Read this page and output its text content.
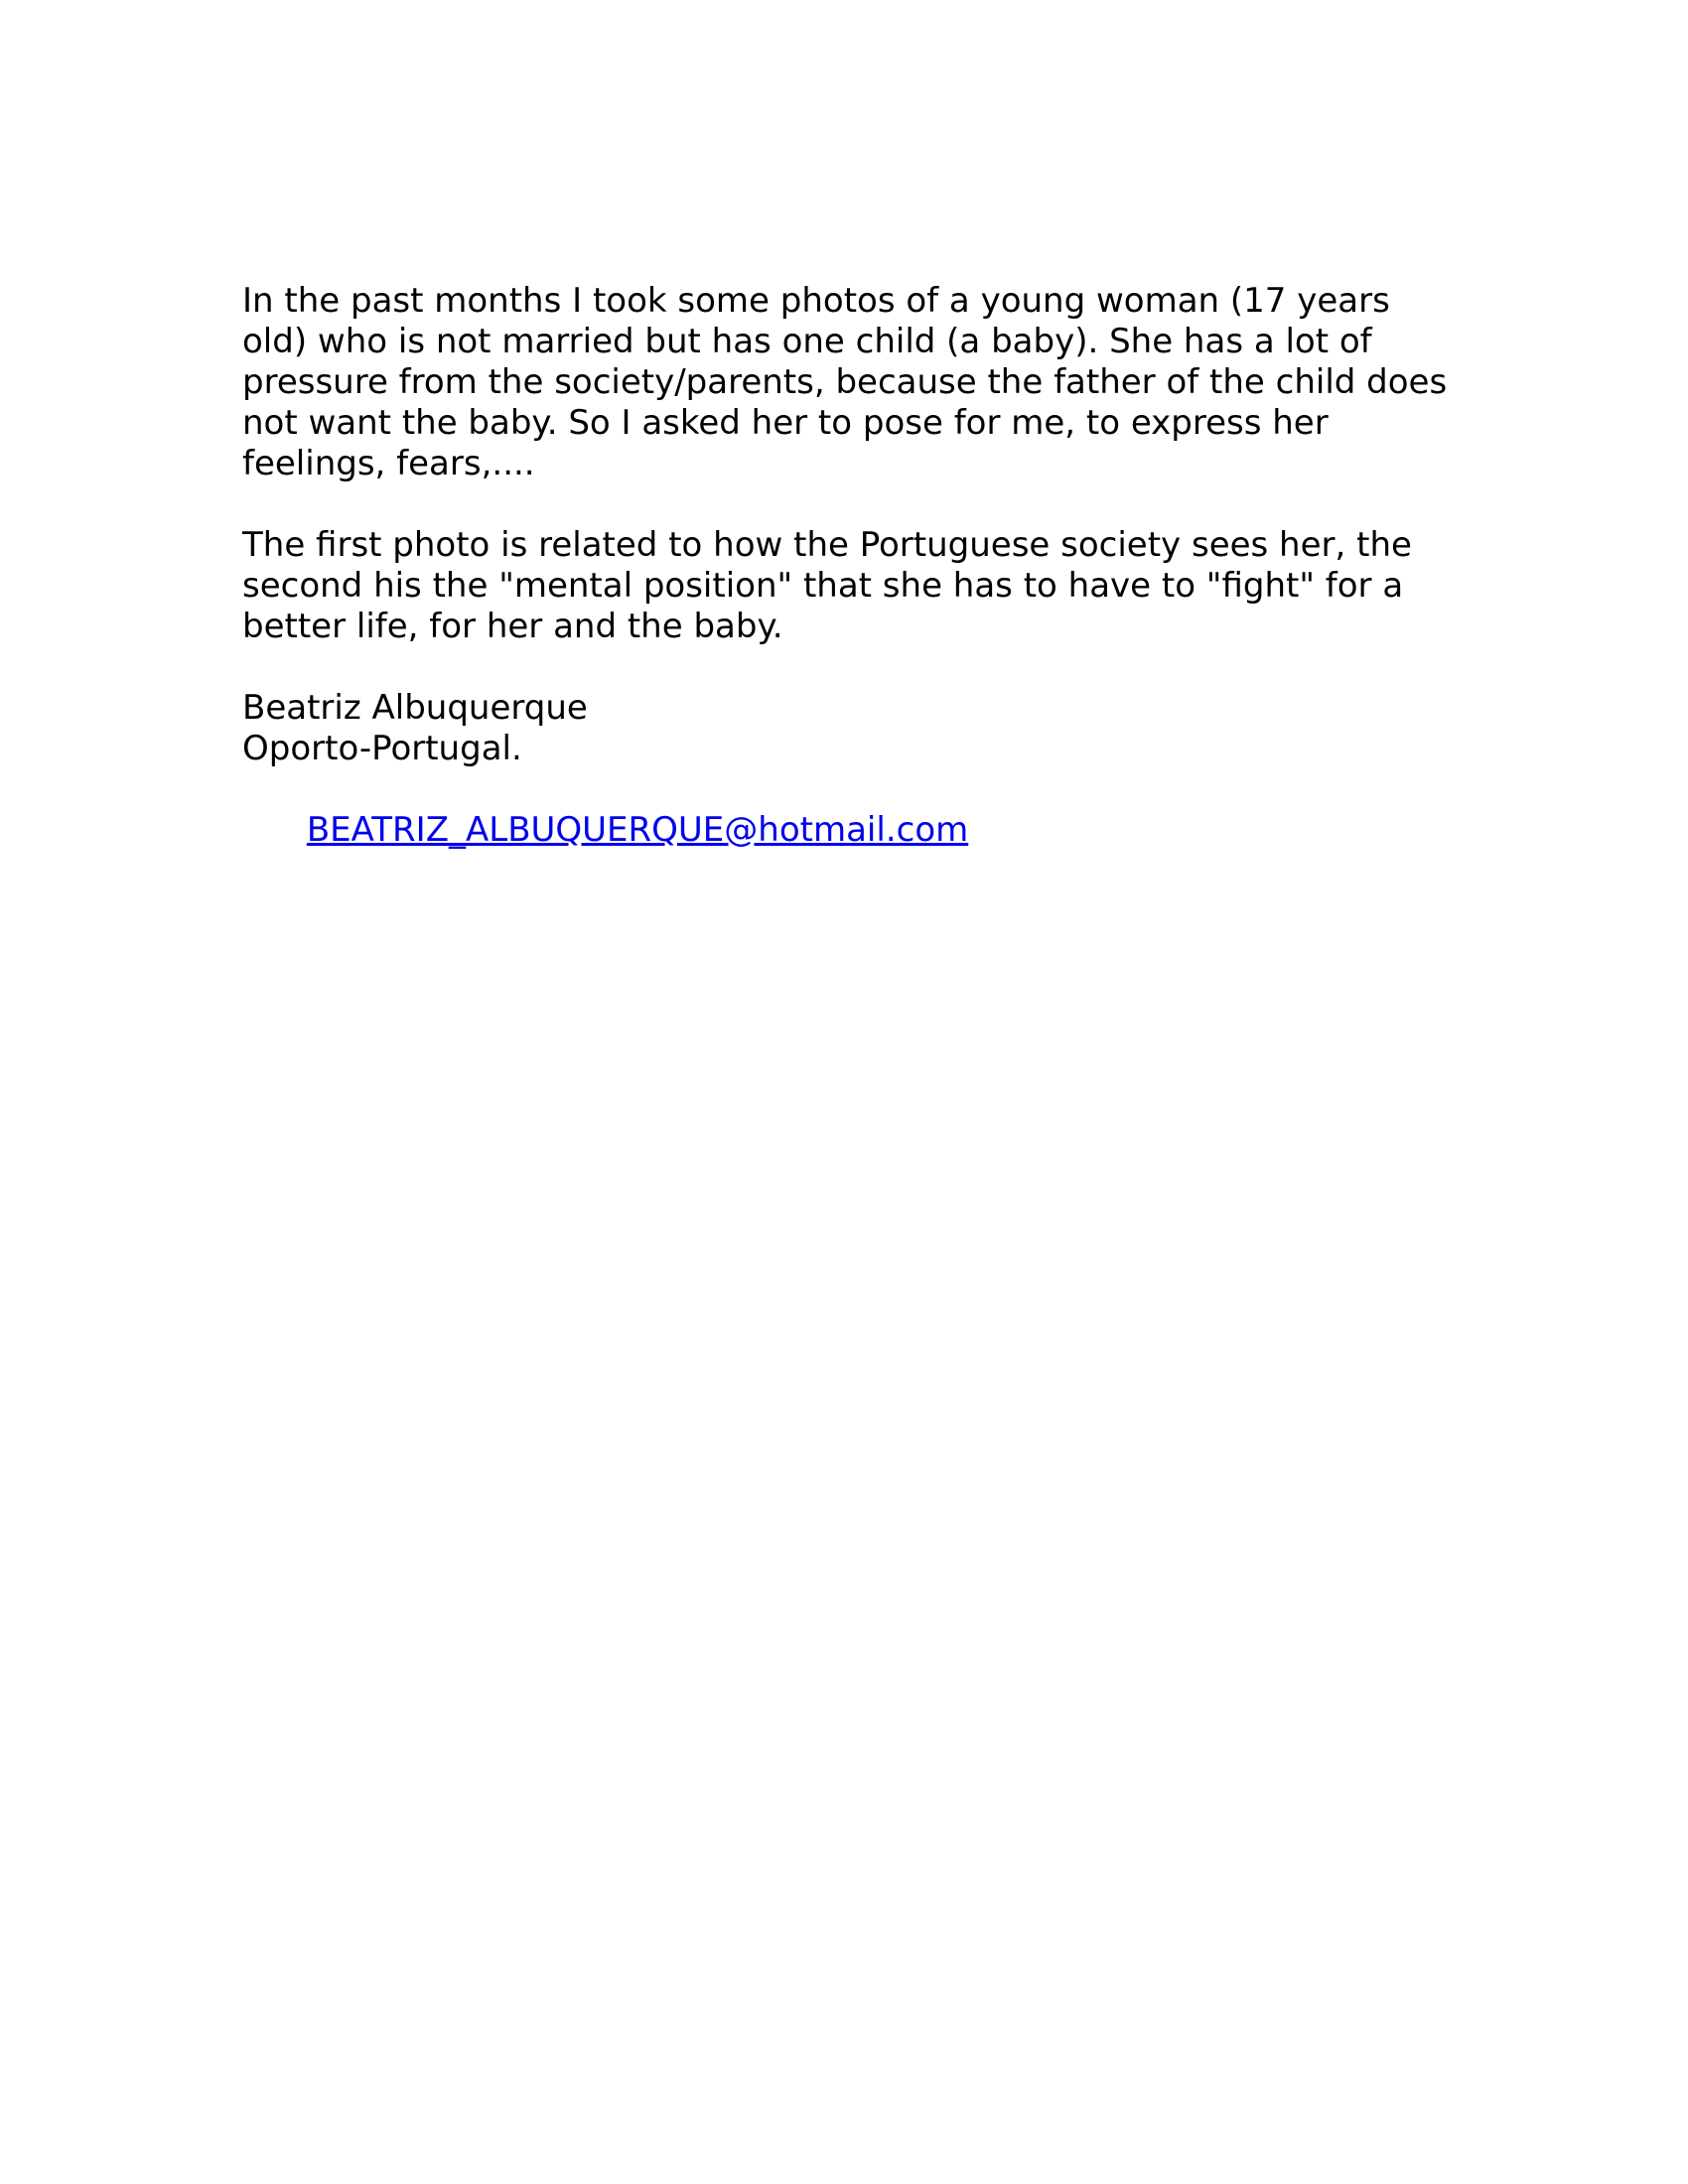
In the past months I took some photos of a young woman (17 years
old) who is not married but has one child (a baby). She has a lot of
pressure from the society/parents, because the father of the child does
not want the baby. So I asked her to pose for me, to express her
feelings, fears,....
The first photo is related to how the Portuguese society sees her, the
second his the "mental position" that she has to have to "fight" for a
better life, for her and the baby.
Beatriz Albuquerque
Oporto-Portugal.

BEATRIZ_ALBUQUERQUE@hotmail.com
